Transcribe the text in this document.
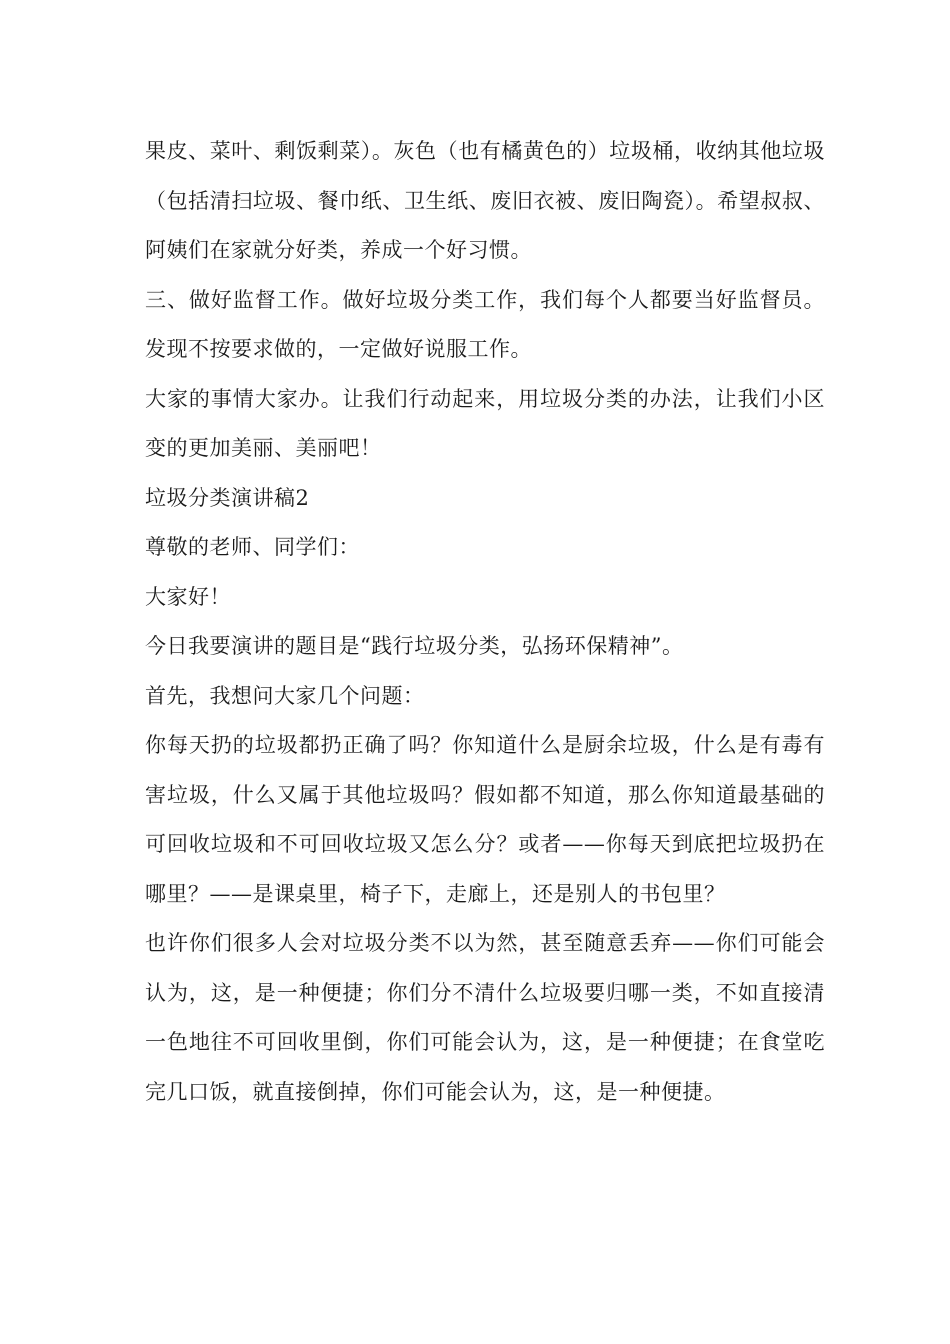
果皮、菜叶、剩饭剩菜）。灰色（也有橘黄色的）垃圾桶，收纳其他垃圾（包括清扫垃圾、餐巾纸、卫生纸、废旧衣被、废旧陶瓷）。希望叔叔、阿姨们在家就分好类，养成一个好习惯。

三、做好监督工作。做好垃圾分类工作，我们每个人都要当好监督员。发现不按要求做的，一定做好说服工作。

大家的事情大家办。让我们行动起来，用垃圾分类的办法，让我们小区变的更加美丽、美丽吧！

垃圾分类演讲稿2

尊敬的老师、同学们：

大家好！

今日我要演讲的题目是“践行垃圾分类，弘扬环保精神”。

首先，我想问大家几个问题：

你每天扔的垃圾都扔正确了吗？你知道什么是厨余垃圾，什么是有毒有害垃圾，什么又属于其他垃圾吗？假如都不知道，那么你知道最基础的可回收垃圾和不可回收垃圾又怎么分？或者——你每天到底把垃圾扔在哪里？——是课桌里，椅子下，走廊上，还是别人的书包里？

也许你们很多人会对垃圾分类不以为然，甚至随意丢弃——你们可能会认为，这，是一种便捷；你们分不清什么垃圾要归哪一类，不如直接清一色地往不可回收里倒，你们可能会认为，这，是一种便捷；在食堂吃完几口饭，就直接倒掉，你们可能会认为，这，是一种便捷。
